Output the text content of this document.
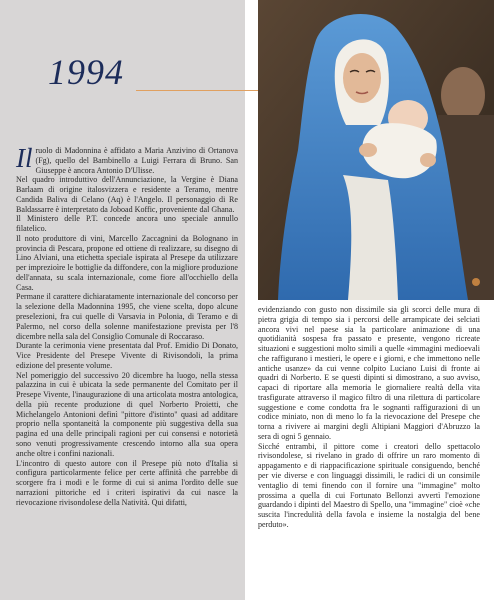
1994

Il ruolo di Madonnina è affidato a Maria Anzivino di Ortanova (Fg), quello del Bambinello a Luigi Ferrara di Bruno. San Giuseppe è ancora Antonio D'Ulisse.

Nel quadro introduttivo dell'Annunciazione, la Vergine è Diana Barlaam di origine italosvizzera e residente a Teramo, mentre Candida Baliva di Celano (Aq) è l'Angelo. Il personaggio di Re Baldassarre è interpretato da Joboad Koffic, proveniente dal Ghana.

Il Ministero delle P.T. concede ancora uno speciale annullo filatelico.

Il noto produttore di vini, Marcello Zaccagnini da Bolognano in provincia di Pescara, propone ed ottiene di realizzare, su disegno di Lino Alviani, una etichetta speciale ispirata al Presepe da utilizzare per imprezioìre le bottiglie da diffondere, con la migliore produzione dell'annata, su scala internazionale, come fiore all'occhiello della Casa.

Permane il carattere dichiaratamente internazionale del concorso per la selezione della Madonnina 1995, che viene scelta, dopo alcune preselezioni, fra cui quelle di Varsavia in Polonia, di Teramo e di Palermo, nel corso della solenne manifestazione prevista per l'8 dicembre nella sala del Consiglio Comunale di Roccaraso.

Durante la cerimonia viene presentata dal Prof. Emidio Di Donato, Vice Presidente del Presepe Vivente di Rivisondoli, la prima edizione del presente volume.

Nel pomeriggio del successivo 20 dicembre ha luogo, nella stessa palazzina in cui è ubicata la sede permanente del Comitato per il Presepe Vivente, l'inaugurazione di una articolata mostra antologica, della più recente produzione di quel Norberto Proietti, che Michelangelo Antonioni definì "pittore d'istinto" quasi ad additare proprio nella spontaneità la componente più suggestiva della sua pagina ed una delle principali ragioni per cui consensi e notorietà sono venuti progressivamente crescendo intorno alla sua opera anche oltre i confini nazionali.

L'incontro di questo autore con il Presepe più noto d'Italia si configura particolarmente felice per certe affinità che parrebbe di scorgere fra i modi e le forme di cui si anima l'ordito delle sue narrazioni pittoriche ed i criteri ispirativi da cui nasce la rievocazione rivisondolese della Natività. Qui difatti,

evidenziando con gusto non dissimile sia gli scorci delle mura di pietra grigia di tempo sia i percorsi delle arrampicate dei selciati ancora vivi nel paese sia la particolare animazione di una quotidianità sospesa fra passato e presente, vengono ricreate situazioni e suggestioni molto simili a quelle «immagini medioevali che raffigurano i mestieri, le opere e i giorni, e che immettono nelle antiche usanze» da cui venne colpito Luciano Luisi di fronte ai quadri di Norberto. E se questi dipinti si dimostrano, a suo avviso, capaci di riportare alla memoria le giornaliere realtà della vita trasfigurate attraverso il magico filtro di una rilettura di particolare suggestione e come condotta fra le sognanti raffigurazioni di un codice miniato, non di meno lo fa la rievocazione del Presepe che torna a rivivere ai margini degli Altipiani Maggiori d'Abruzzo la sera di ogni 5 gennaio.

Sicché entrambi, il pittore come i creatori dello spettacolo rivisondolese, si rivelano in grado di offrire un raro momento di appagamento e di riappacificazione spirituale consiguendo, benché per vie diverse e con linguaggi dissimili, le radici di un consimile ventaglio di temi finendo con il fornire una "immagine" molto prossima a quella di cui Fortunato Bellonzi avvertì l'emozione guardando i dipinti del Maestro di Spello, una "immagine" cioè «che suscita l'incredulità della favola e insieme la nostalgia del bene perduto».
